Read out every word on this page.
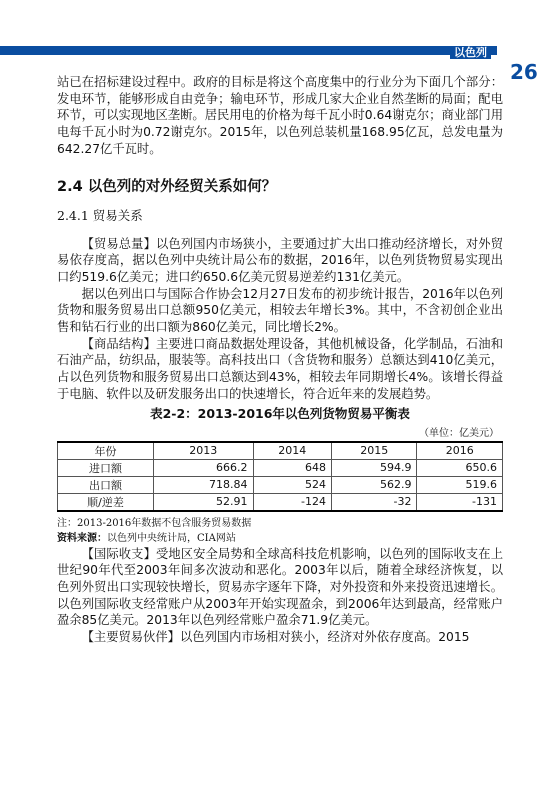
以色列
26

站已在招标建设过程中。政府的目标是将这个高度集中的行业分为下面几个部分：发电环节，能够形成自由竞争；输电环节，形成几家大企业自然垄断的局面；配电环节，可以实现地区垄断。居民用电的价格为每千瓦小时0.64谢克尔；商业部门用电每千瓦小时为0.72谢克尔。2015年，以色列总装机量168.95亿瓦，总发电量为642.27亿千瓦时。

2.4 以色列的对外经贸关系如何？
2.4.1 贸易关系

【贸易总量】以色列国内市场狭小，主要通过扩大出口推动经济增长，对外贸易依存度高，据以色列中央统计局公布的数据，2016年，以色列货物贸易实现出口约519.6亿美元；进口约650.6亿美元贸易逆差约131亿美元。

据以色列出口与国际合作协会12月27日发布的初步统计报告，2016年以色列货物和服务贸易出口总额950亿美元，相较去年增长3%。其中，不含初创企业出售和钻石行业的出口额为860亿美元，同比增长2%。

【商品结构】主要进口商品数据处理设备，其他机械设备，化学制品，石油和石油产品，纺织品，服装等。高科技出口（含货物和服务）总额达到410亿美元，占以色列货物和服务贸易出口总额达到43%，相较去年同期增长4%。该增长得益于电脑、软件以及研发服务出口的快速增长，符合近年来的发展趋势。

表2-2：2013-2016年以色列货物贸易平衡表
（单位：亿美元）
年份	2013	2014	2015	2016
进口额	666.2	648	594.9	650.6
出口额	718.84	524	562.9	519.6
顺/逆差	52.91	-124	-32	-131
注：2013-2016年数据不包含服务贸易数据
资料来源：以色列中央统计局，CIA网站

【国际收支】受地区安全局势和全球高科技危机影响，以色列的国际收支在上世纪90年代至2003年间多次波动和恶化。2003年以后，随着全球经济恢复，以色列外贸出口实现较快增长，贸易赤字逐年下降，对外投资和外来投资迅速增长。以色列国际收支经常账户从2003年开始实现盈余，到2006年达到最高，经常账户盈余85亿美元。2013年以色列经常账户盈余71.9亿美元。

【主要贸易伙伴】以色列国内市场相对狭小，经济对外依存度高。2015
